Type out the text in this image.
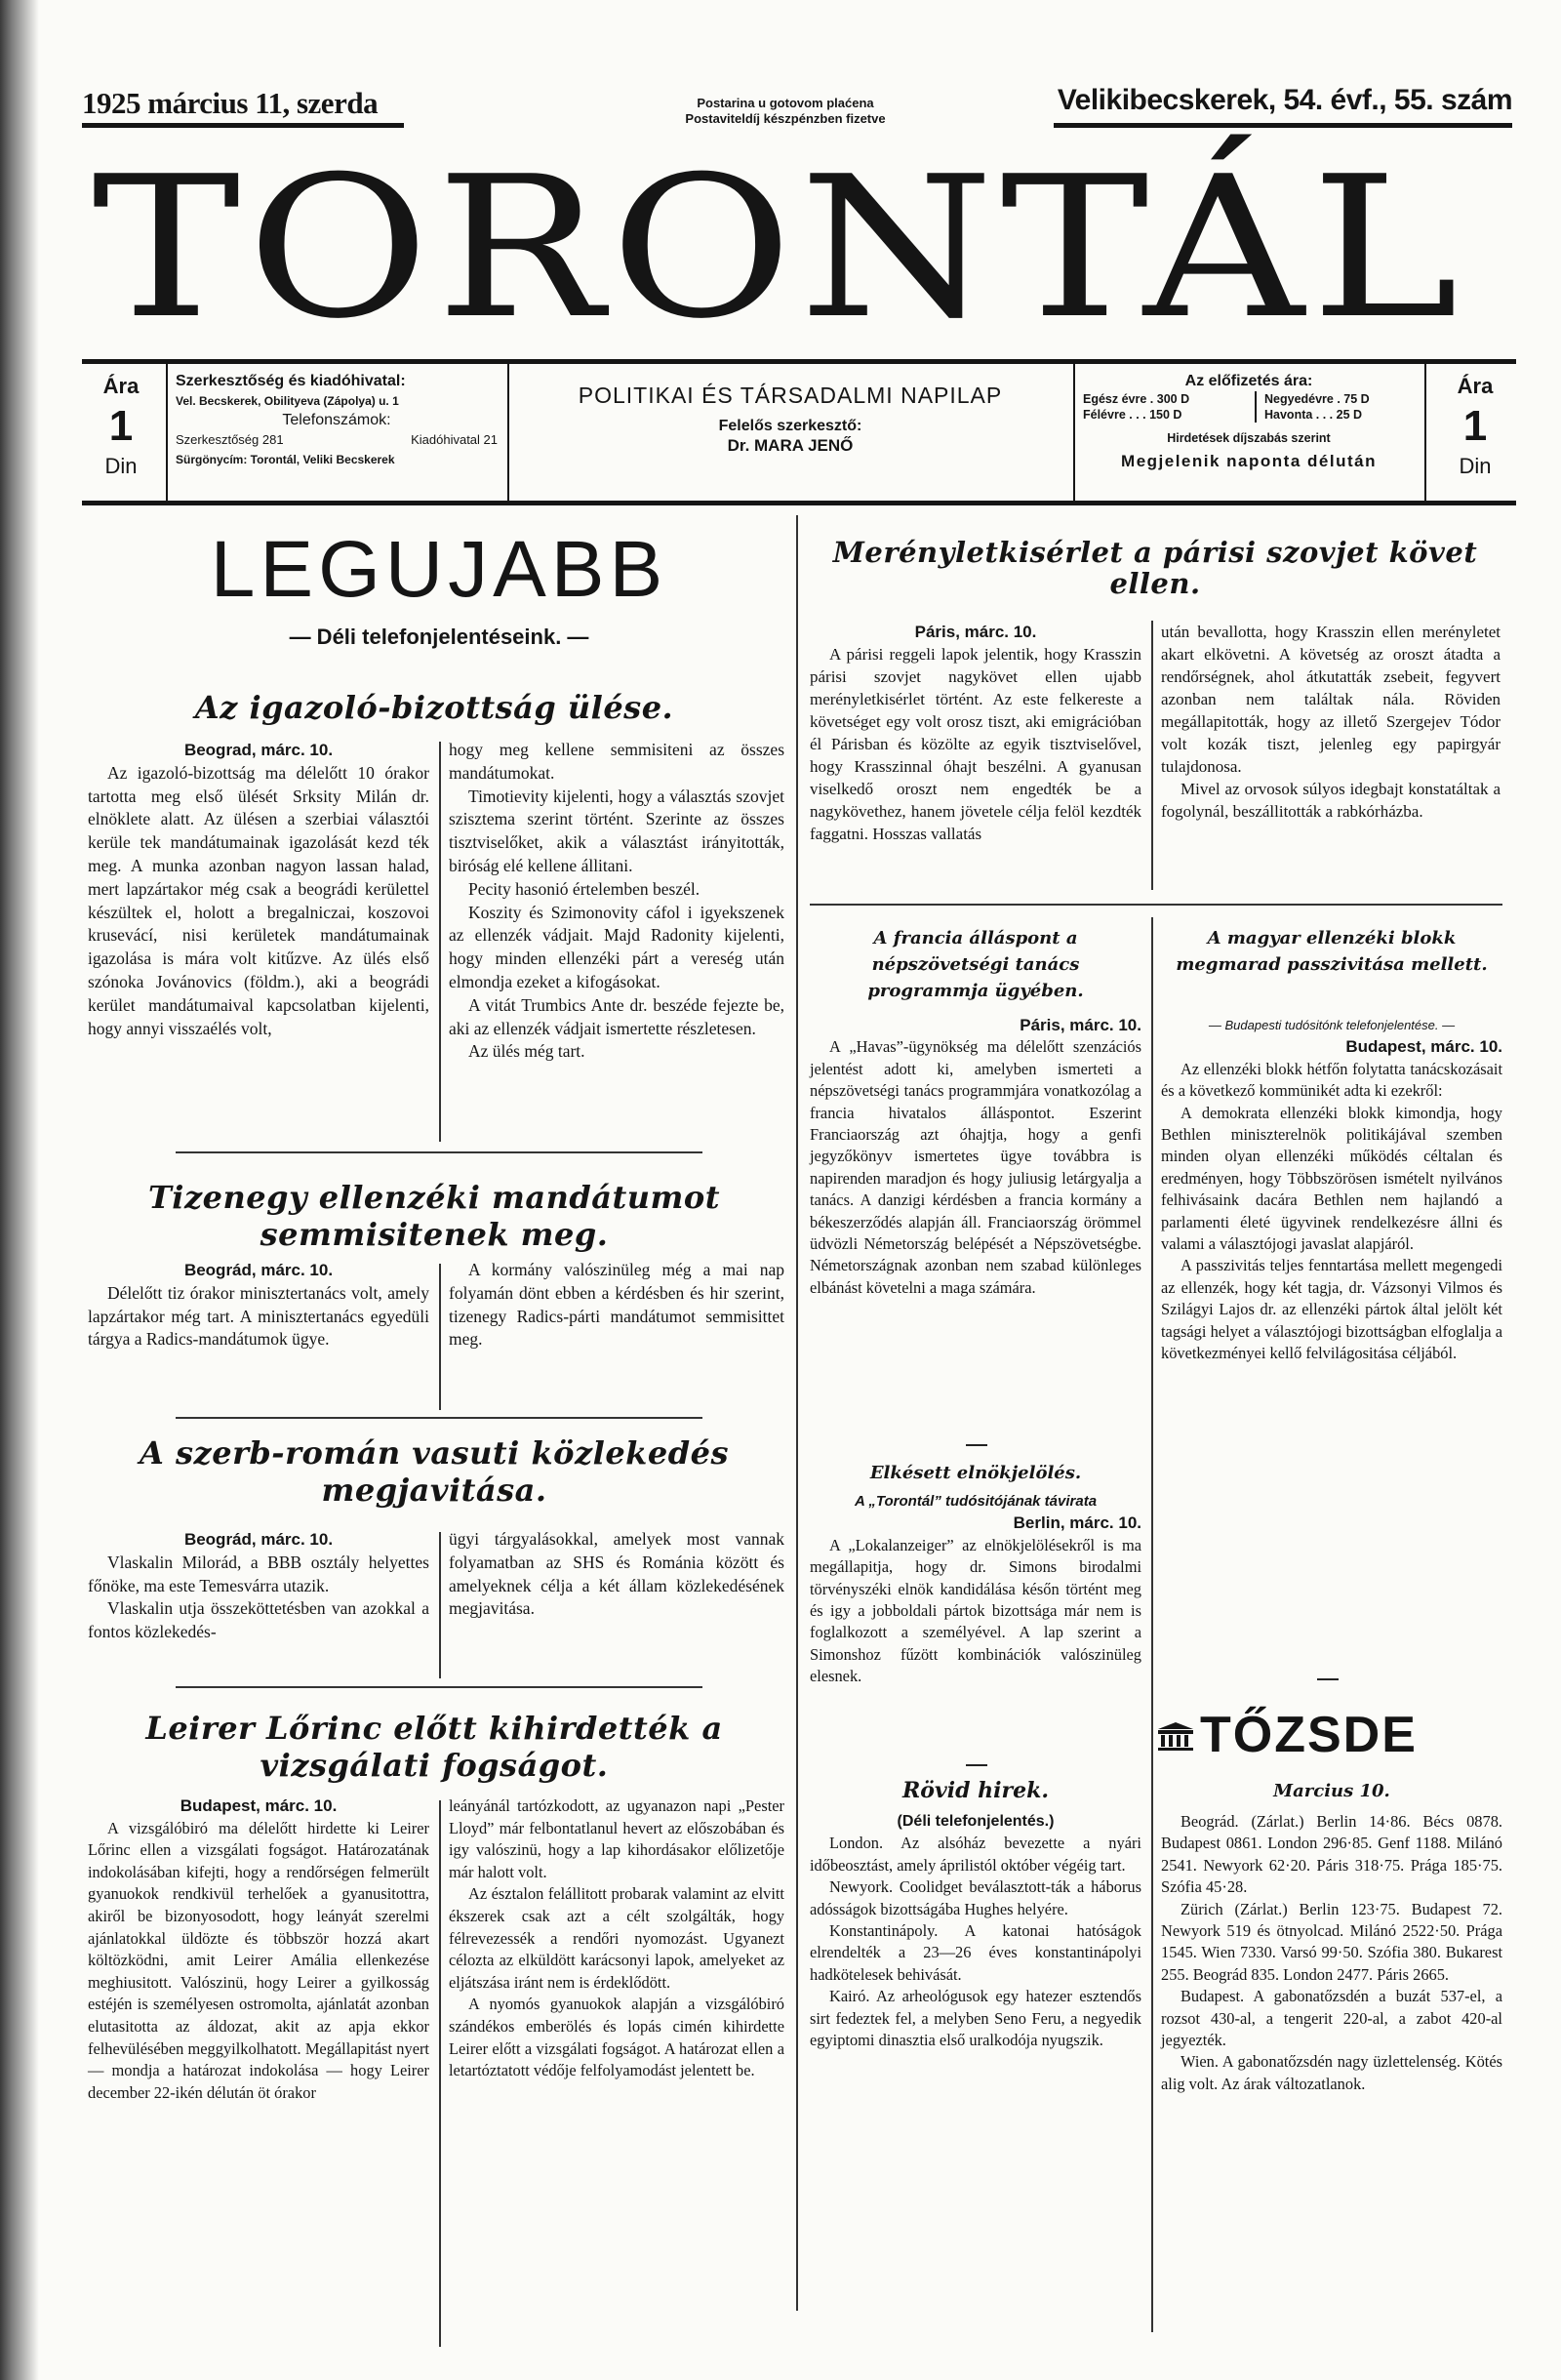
1925 március 11, szerda	Postarina u gotovom plaćena
Postaviteldíj készpénzben fizetve
Velikibecskerek, 54. évf., 55. szám
TORONTÁL
Ára
1
Din
Szerkesztőség és kiadóhivatal:
Vel. Becskerek, Obilityeva (Zápolya) u. 1
Telefonszámok:
Szerkesztőség 281	Kiadóhivatal 21
Sürgönycím: Torontál, Veliki Becskerek
POLITIKAI ÉS TÁRSADALMI NAPILAP
Felelős szerkesztő:
Dr. MARA JENŐ
Az előfizetés ára:
Egész évre . 300 D
Félévre . . . 150 D
Negyedévre . 75 D
Havonta . . . 25 D
Hirdetések díjszabás szerint
Megjelenik naponta délután
Ára
1
Din
LEGUJABB
— Déli telefonjelentéseink. —
Az igazoló-bizottság ülése.

Beograd, márc. 10.

Az igazoló-bizottság ma délelőtt 10 órakor tartotta meg első ülését Srksity Milán dr. elnöklete alatt. Az ülésen a szerbiai választói kerüle tek mandátumainak igazolását kezd ték meg. A munka azonban nagyon lassan halad, mert lapzártakor még csak a beográdi kerülettel készültek el, holott a bregalniczai, koszovoi krusevácí, nisi kerületek mandátumainak igazolása is mára volt kitűzve. Az ülés első szónoka Jovánovics (földm.), aki a beográdi kerület mandátumaival kapcsolatban kijelenti, hogy annyi visszaélés volt,

hogy meg kellene semmisiteni az összes mandátumokat.

Timotievity kijelenti, hogy a választás szovjet szisztema szerint történt. Szerinte az összes tisztviselőket, akik a választást irányitották, biróság elé kellene állitani.

Pecity hasonió értelemben beszél.

Koszity és Szimonovity cáfol i igyekszenek az ellenzék vádjait. Majd Radonity kijelenti, hogy minden ellenzéki párt a vereség után elmondja ezeket a kifogásokat.

A vitát Trumbics Ante dr. beszéde fejezte be, aki az ellenzék vádjait ismertette részletesen.

Az ülés még tart.

Tizenegy ellenzéki mandátumot semmisitenek meg.

Beográd, márc. 10.

Délelőtt tiz órakor minisztertanács volt, amely lapzártakor még tart. A minisztertanács egyedüli tárgya a Radics-mandátumok ügye.

A kormány valószinüleg még a mai nap folyamán dönt ebben a kérdésben és hir szerint, tizenegy Radics-párti mandátumot semmisittet meg.

A szerb-román vasuti közlekedés megjavitása.

Beográd, márc. 10.

Vlaskalin Milorád, a BBB osztály helyettes főnöke, ma este Temesvárra utazik.

Vlaskalin utja összeköttetésben van azokkal a fontos közlekedés-

ügyi tárgyalásokkal, amelyek most vannak folyamatban az SHS és Románia között és amelyeknek célja a két állam közlekedésének megjavitása.

Leirer Lőrinc előtt kihirdették a vizsgálati fogságot.

Budapest, márc. 10.

A vizsgálóbiró ma délelőtt hirdette ki Leirer Lőrinc ellen a vizsgálati fogságot. Határozatának indokolásában kifejti, hogy a rendőrségen felmerült gyanuokok rendkivül terhelőek a gyanusitottra, akiről be bizonyosodott, hogy leányát szerelmi ajánlatokkal üldözte és többször hozzá akart költözködni, amit Leirer Amália ellenkezése meghiusitott. Valószinü, hogy Leirer a gyilkosság estéjén is személyesen ostromolta, ajánlatát azonban elutasitotta az áldozat, akit az apja ekkor felhevülésében meggyilkolhatott. Megállapitást nyert — mondja a határozat indokolása — hogy Leirer december 22-ikén délután öt órakor

leányánál tartózkodott, az ugyanazon napi „Pester Lloyd” már felbontatlanul hevert az előszobában és igy valószinü, hogy a lap kihordásakor előlizetője már halott volt.

Az észtalon felállitott probarak valamint az elvitt ékszerek csak azt a célt szolgálták, hogy félrevezessék a rendőri nyomozást. Ugyanezt célozta az elküldött karácsonyi lapok, amelyeket az eljátszása iránt nem is érdeklődött.

A nyomós gyanuokok alapján a vizsgálóbiró szándékos emberölés és lopás cimén kihirdette Leirer előtt a vizsgálati fogságot. A határozat ellen a letartóztatott védője felfolyamodást jelentett be.

Merényletkisérlet a párisi szovjet követ ellen.

Páris, márc. 10.

A párisi reggeli lapok jelentik, hogy Krasszin párisi szovjet nagykövet ellen ujabb merényletkisérlet történt. Az este felkereste a követséget egy volt orosz tiszt, aki emigrációban él Párisban és közölte az egyik tisztviselővel, hogy Krasszinnal óhajt beszélni. A gyanusan viselkedő oroszt nem engedték be a nagykövethez, hanem jövetele célja felöl kezdték faggatni. Hosszas vallatás

után bevallotta, hogy Krasszin ellen merényletet akart elkövetni. A követség az oroszt átadta a rendőrségnek, ahol átkutatták zsebeit, fegyvert azonban nem találtak nála. Röviden megállapitották, hogy az illető Szergejev Tódor volt kozák tiszt, jelenleg egy papirgyár tulajdonosa.

Mivel az orvosok súlyos idegbajt konstatáltak a fogolynál, beszállitották a rabkórházba.

A francia álláspont a népszövetségi tanács programmja ügyében.

Páris, márc. 10.

A „Havas”-ügynökség ma délelőtt szenzációs jelentést adott ki, amelyben ismerteti a népszövetségi tanács programmjára vonatkozólag a francia hivatalos álláspontot. Eszerint Franciaország azt óhajtja, hogy a genfi jegyzőkönyv ismertetes ügye továbbra is napirenden maradjon és hogy juliusig letárgyalja a tanács. A danzigi kérdésben a francia kormány a békeszerződés alapján áll. Franciaország örömmel üdvözli Németország belépését a Népszövetségbe. Németországnak azonban nem szabad különleges elbánást követelni a maga számára.

Elkésett elnökjelölés.

A „Torontál” tudósitójának távirata

Berlin, márc. 10.

A „Lokalanzeiger” az elnökjelölésekről is ma megállapitja, hogy dr. Simons birodalmi törvényszéki elnök kandidálása későn történt meg és igy a jobboldali pártok bizottsága már nem is foglalkozott a személyével. A lap szerint a Simonshoz fűzött kombinációk valószinüleg elesnek.

Rövid hirek.

(Déli telefonjelentés.)

London. Az alsóház bevezette a nyári időbeosztást, amely áprilistól október végéig tart.

Newyork. Coolidget beválasztott-ták a háborus adósságok bizottságába Hughes helyére.

Konstantinápoly. A katonai hatóságok elrendelték a 23—26 éves konstantinápolyi hadkötelesek behivását.

Kairó. Az arheológusok egy hatezer esztendős sirt fedeztek fel, a melyben Seno Feru, a negyedik egyiptomi dinasztia első uralkodója nyugszik.

A magyar ellenzéki blokk megmarad passzivitása mellett.

— Budapesti tudósitónk telefonjelentése. —

Budapest, márc. 10.

Az ellenzéki blokk hétfőn folytatta tanácskozásait és a következő kommünikét adta ki ezekről:

A demokrata ellenzéki blokk kimondja, hogy Bethlen miniszterelnök politikájával szemben minden olyan ellenzéki működés céltalan és eredményen, hogy Többszörösen ismételt nyilvános felhivásaink dacára Bethlen nem hajlandó a parlamenti életé ügyvinek rendelkezésre állni és valami a választójogi javaslat alapjáról.

A passzivitás teljes fenntartása mellett megengedi az ellenzék, hogy két tagja, dr. Vázsonyi Vilmos és Szilágyi Lajos dr. az ellenzéki pártok által jelölt két tagsági helyet a választójogi bizottságban elfoglalja a következményei kellő felvilágositása céljából.

TŐZSDE
Marcius 10.

Beográd. (Zárlat.) Berlin 14·86. Bécs 0878. Budapest 0861. London 296·85. Genf 1188. Milánó 2541. Newyork 62·20. Páris 318·75. Prága 185·75. Szófia 45·28.

Zürich (Zárlat.) Berlin 123·75. Budapest 72. Newyork 519 és ötnyolcad. Milánó 2522·50. Prága 1545. Wien 7330. Varsó 99·50. Szófia 380. Bukarest 255. Beográd 835. London 2477. Páris 2665.

Budapest. A gabonatőzsdén a buzát 537-el, a rozsot 430-al, a tengerit 220-al, a zabot 420-al jegyezték.

Wien. A gabonatőzsdén nagy üzlettelenség. Kötés alig volt. Az árak változatlanok.
